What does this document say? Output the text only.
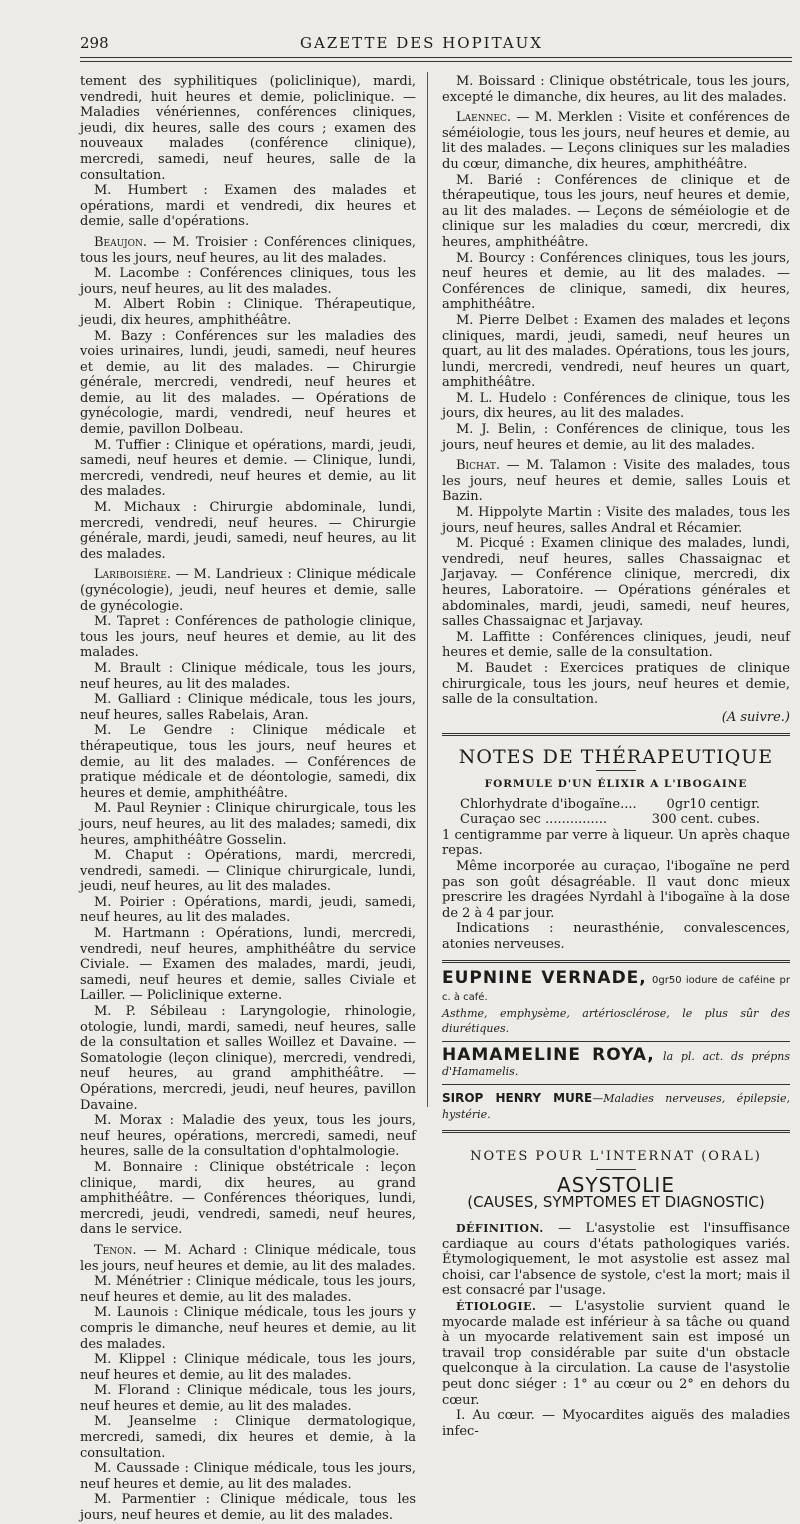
298	GAZETTE DES HOPITAUX

tement des syphilitiques (policlinique), mardi, vendredi, huit heures et demie, policlinique. — Maladies vénériennes, conférences cliniques, jeudi, dix heures, salle des cours ; examen des nouveaux malades (conférence clinique), mercredi, samedi, neuf heures, salle de la consultation.

M. Humbert : Examen des malades et opérations, mardi et vendredi, dix heures et demie, salle d'opérations.

Beaujon. — M. Troisier : Conférences cliniques, tous les jours, neuf heures, au lit des malades.

M. Lacombe : Conférences cliniques, tous les jours, neuf heures, au lit des malades.

M. Albert Robin : Clinique. Thérapeutique, jeudi, dix heures, amphithéâtre.

M. Bazy : Conférences sur les maladies des voies urinaires, lundi, jeudi, samedi, neuf heures et demie, au lit des malades. — Chirurgie générale, mercredi, vendredi, neuf heures et demie, au lit des malades. — Opérations de gynécologie, mardi, vendredi, neuf heures et demie, pavillon Dolbeau.

M. Tuffier : Clinique et opérations, mardi, jeudi, samedi, neuf heures et demie. — Clinique, lundi, mercredi, vendredi, neuf heures et demie, au lit des malades.

M. Michaux : Chirurgie abdominale, lundi, mercredi, vendredi, neuf heures. — Chirurgie générale, mardi, jeudi, samedi, neuf heures, au lit des malades.

Lariboisière. — M. Landrieux : Clinique médicale (gynécologie), jeudi, neuf heures et demie, salle de gynécologie.

M. Tapret : Conférences de pathologie clinique, tous les jours, neuf heures et demie, au lit des malades.

M. Brault : Clinique médicale, tous les jours, neuf heures, au lit des malades.

M. Galliard : Clinique médicale, tous les jours, neuf heures, salles Rabelais, Aran.

M. Le Gendre : Clinique médicale et thérapeutique, tous les jours, neuf heures et demie, au lit des malades. — Conférences de pratique médicale et de déontologie, samedi, dix heures et demie, amphithéâtre.

M. Paul Reynier : Clinique chirurgicale, tous les jours, neuf heures, au lit des malades; samedi, dix heures, amphithéâtre Gosselin.

M. Chaput : Opérations, mardi, mercredi, vendredi, samedi. — Clinique chirurgicale, lundi, jeudi, neuf heures, au lit des malades.

M. Poirier : Opérations, mardi, jeudi, samedi, neuf heures, au lit des malades.

M. Hartmann : Opérations, lundi, mercredi, vendredi, neuf heures, amphithéâtre du service Civiale. — Examen des malades, mardi, jeudi, samedi, neuf heures et demie, salles Civiale et Lailler. — Policlinique externe.

M. P. Sébileau : Laryngologie, rhinologie, otologie, lundi, mardi, samedi, neuf heures, salle de la consultation et salles Woillez et Davaine. — Somatologie (leçon clinique), mercredi, vendredi, neuf heures, au grand amphithéâtre. — Opérations, mercredi, jeudi, neuf heures, pavillon Davaine.

M. Morax : Maladie des yeux, tous les jours, neuf heures, opérations, mercredi, samedi, neuf heures, salle de la consultation d'ophtalmologie.

M. Bonnaire : Clinique obstétricale : leçon clinique, mardi, dix heures, au grand amphithéâtre. — Conférences théoriques, lundi, mercredi, jeudi, vendredi, samedi, neuf heures, dans le service.

Tenon. — M. Achard : Clinique médicale, tous les jours, neuf heures et demie, au lit des malades.

M. Ménétrier : Clinique médicale, tous les jours, neuf heures et demie, au lit des malades.

M. Launois : Clinique médicale, tous les jours y compris le dimanche, neuf heures et demie, au lit des malades.

M. Klippel : Clinique médicale, tous les jours, neuf heures et demie, au lit des malades.

M. Florand : Clinique médicale, tous les jours, neuf heures et demie, au lit des malades.

M. Jeanselme : Clinique dermatologique, mercredi, samedi, dix heures et demie, à la consultation.

M. Caussade : Clinique médicale, tous les jours, neuf heures et demie, au lit des malades.

M. Parmentier : Clinique médicale, tous les jours, neuf heures et demie, au lit des malades.

M. Boissard : Clinique obstétricale, tous les jours, excepté le dimanche, dix heures, au lit des malades.

Laennec. — M. Merklen : Visite et conférences de séméiologie, tous les jours, neuf heures et demie, au lit des malades. — Leçons cliniques sur les maladies du cœur, dimanche, dix heures, amphithéâtre.

M. Barié : Conférences de clinique et de thérapeutique, tous les jours, neuf heures et demie, au lit des malades. — Leçons de séméiologie et de clinique sur les maladies du cœur, mercredi, dix heures, amphithéâtre.

M. Bourcy : Conférences cliniques, tous les jours, neuf heures et demie, au lit des malades. — Conférences de clinique, samedi, dix heures, amphithéâtre.

M. Pierre Delbet : Examen des malades et leçons cliniques, mardi, jeudi, samedi, neuf heures un quart, au lit des malades. Opérations, tous les jours, lundi, mercredi, vendredi, neuf heures un quart, amphithéâtre.

M. L. Hudelo : Conférences de clinique, tous les jours, dix heures, au lit des malades.

M. J. Belin, : Conférences de clinique, tous les jours, neuf heures et demie, au lit des malades.

Bichat. — M. Talamon : Visite des malades, tous les jours, neuf heures et demie, salles Louis et Bazin.

M. Hippolyte Martin : Visite des malades, tous les jours, neuf heures, salles Andral et Récamier.

M. Picqué : Examen clinique des malades, lundi, vendredi, neuf heures, salles Chassaignac et Jarjavay. — Conférence clinique, mercredi, dix heures, Laboratoire. — Opérations générales et abdominales, mardi, jeudi, samedi, neuf heures, salles Chassaignac et Jarjavay.

M. Laffitte : Conférences cliniques, jeudi, neuf heures et demie, salle de la consultation.

M. Baudet : Exercices pratiques de clinique chirurgicale, tous les jours, neuf heures et demie, salle de la consultation.

(A suivre.)

NOTES DE THÉRAPEUTIQUE

FORMULE D'UN ÉLIXIR A L'IBOGAINE

Chlorhydrate d'ibogaïne.... 0gr10 centigr.
Curaçao sec ...............	300 cent. cubes.

1 centigramme par verre à liqueur. Un après chaque repas.

Même incorporée au curaçao, l'ibogaïne ne perd pas son goût désagréable. Il vaut donc mieux prescrire les dragées Nyrdahl à l'ibogaïne à la dose de 2 à 4 par jour.

Indications : neurasthénie, convalescences, atonies nerveuses.

EUPNINE VERNADE, 0gr50 iodure de caféine pr c. à café.

Asthme, emphysème, artériosclérose, le plus sûr des diurétiques.

HAMAMELINE ROYA, la pl. act. ds prépns d'Hamamelis.

SIROP HENRY MURE—Maladies nerveuses, épilepsie, hystérie.

NOTES POUR L'INTERNAT (ORAL)

ASYSTOLIE

(CAUSES, SYMPTOMES ET DIAGNOSTIC)

DÉFINITION. — L'asystolie est l'insuffisance cardiaque au cours d'états pathologiques variés. Étymologiquement, le mot asystolie est assez mal choisi, car l'absence de systole, c'est la mort; mais il est consacré par l'usage.

ÉTIOLOGIE. — L'asystolie survient quand le myocarde malade est inférieur à sa tâche ou quand à un myocarde relativement sain est imposé un travail trop considérable par suite d'un obstacle quelconque à la circulation. La cause de l'asystolie peut donc siéger : 1° au cœur ou 2° en dehors du cœur.

I. Au cœur. — Myocardites aiguës des maladies infec-
